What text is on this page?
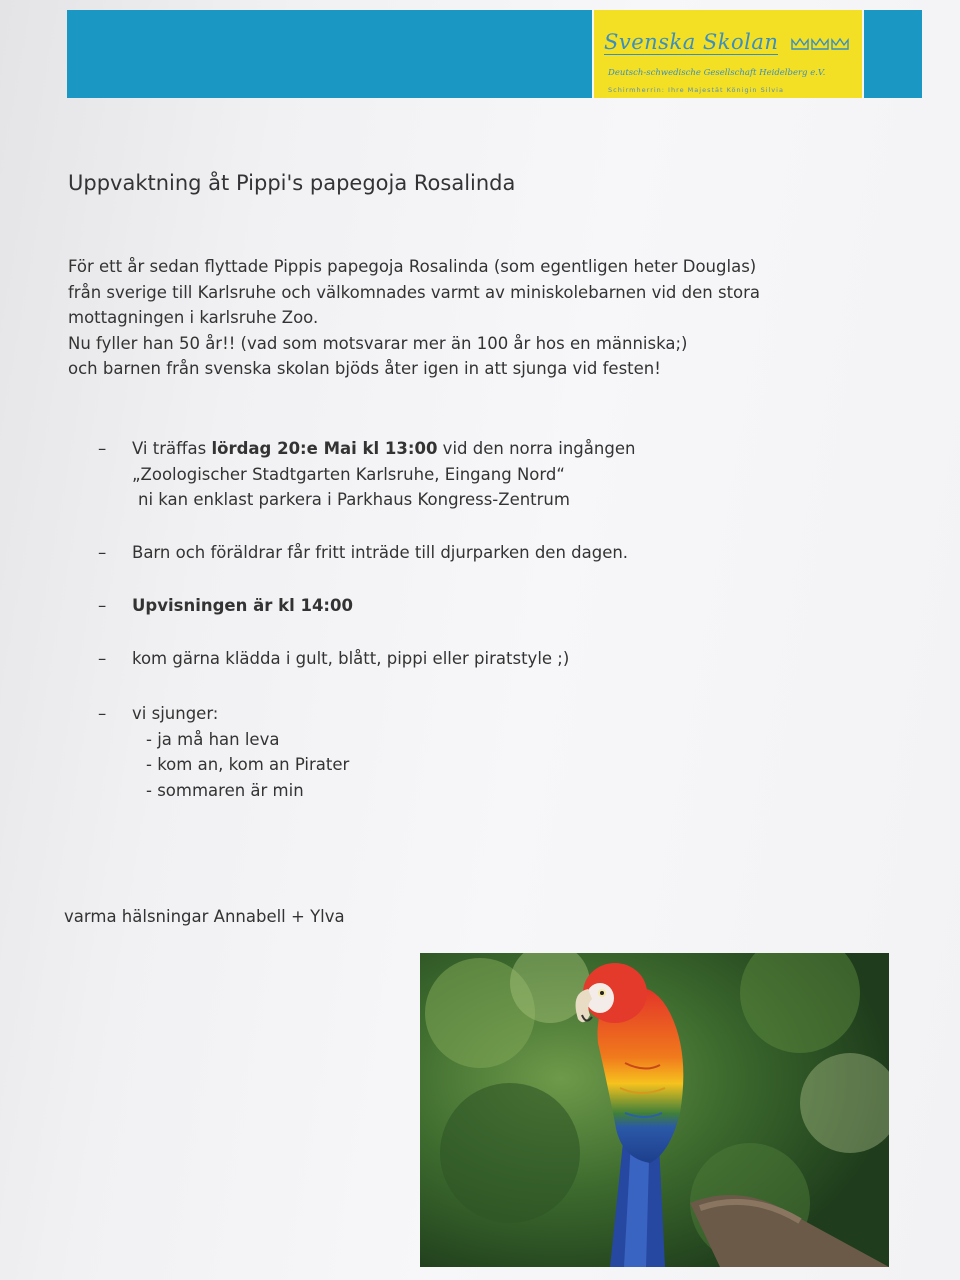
Svenska Skolan
Deutsch-schwedische Gesellschaft Heidelberg e.V.
Schirmherrin: Ihre Majestät Königin Silvia
Uppvaktning åt Pippi's papegoja Rosalinda
För ett år sedan flyttade Pippis papegoja Rosalinda (som egentligen heter Douglas)
från sverige till Karlsruhe och välkomnades varmt av miniskolebarnen vid den stora
mottagningen i karlsruhe Zoo.
Nu fyller han 50 år!! (vad som motsvarar mer än 100 år hos en människa;)
och barnen från svenska skolan bjöds åter igen in att sjunga vid festen!
–	Vi träffas lördag 20:e Mai kl 13:00 vid den norra ingången
„Zoologischer Stadtgarten Karlsruhe, Eingang Nord“
ni kan enklast parkera i Parkhaus Kongress-Zentrum
–	Barn och föräldrar får fritt inträde till djurparken den dagen.
–	Upvisningen är kl 14:00
–	kom gärna klädda i gult, blått, pippi eller piratstyle ;)
–	vi sjunger:
- ja må han leva
- kom an, kom an Pirater
- sommaren är min
varma hälsningar Annabell + Ylva
